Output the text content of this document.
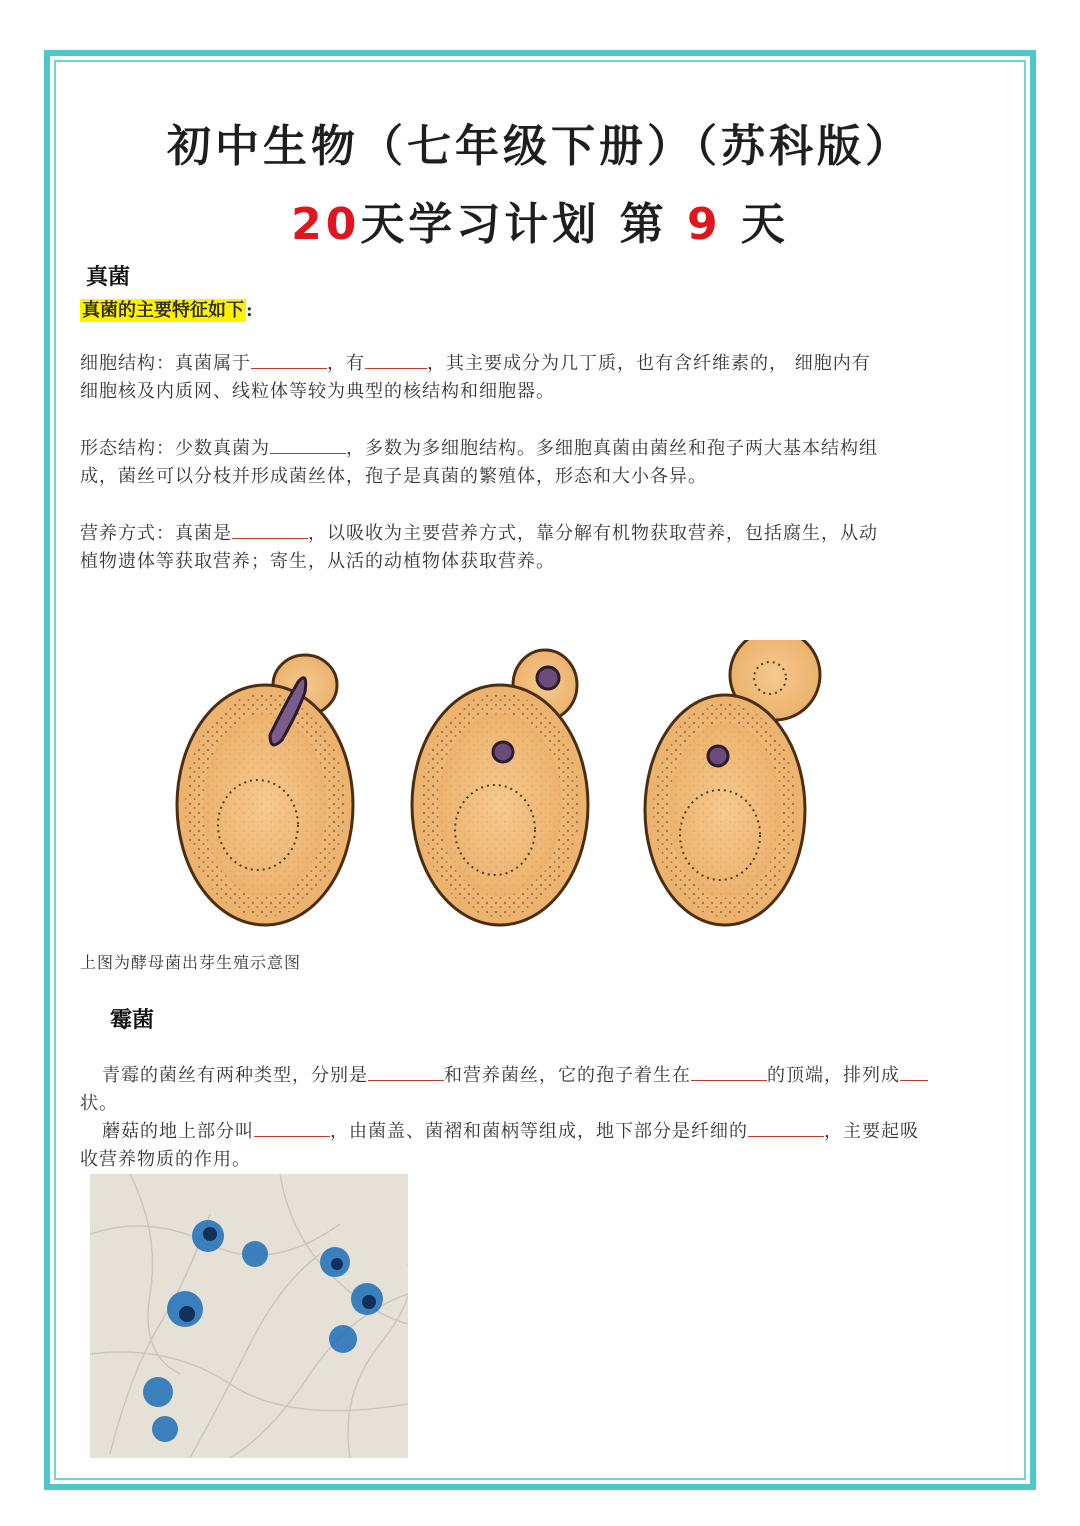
初中生物（七年级下册）（苏科版）
20天学习计划 第 9 天
真菌
真菌的主要特征如下 :
细胞结构：真菌属于	，有	，其主要成分为几丁质，也有含纤维素的， 细胞内有
细胞核及内质网、线粒体等较为典型的核结构和细胞器。
形态结构：少数真菌为	，多数为多细胞结构。多细胞真菌由菌丝和孢子两大基本结构组
成，菌丝可以分枝并形成菌丝体，孢子是真菌的繁殖体，形态和大小各异。
营养方式：真菌是	，以吸收为主要营养方式，靠分解有机物获取营养，包括腐生，从动
植物遗体等获取营养；寄生，从活的动植物体获取营养。
上图为酵母菌出芽生殖示意图
霉菌
青霉的菌丝有两种类型，分别是	和营养菌丝，它的孢子着生在	的顶端，排列成
状。
蘑菇的地上部分叫	，由菌盖、菌褶和菌柄等组成，地下部分是纤细的	，主要起吸
收营养物质的作用。
